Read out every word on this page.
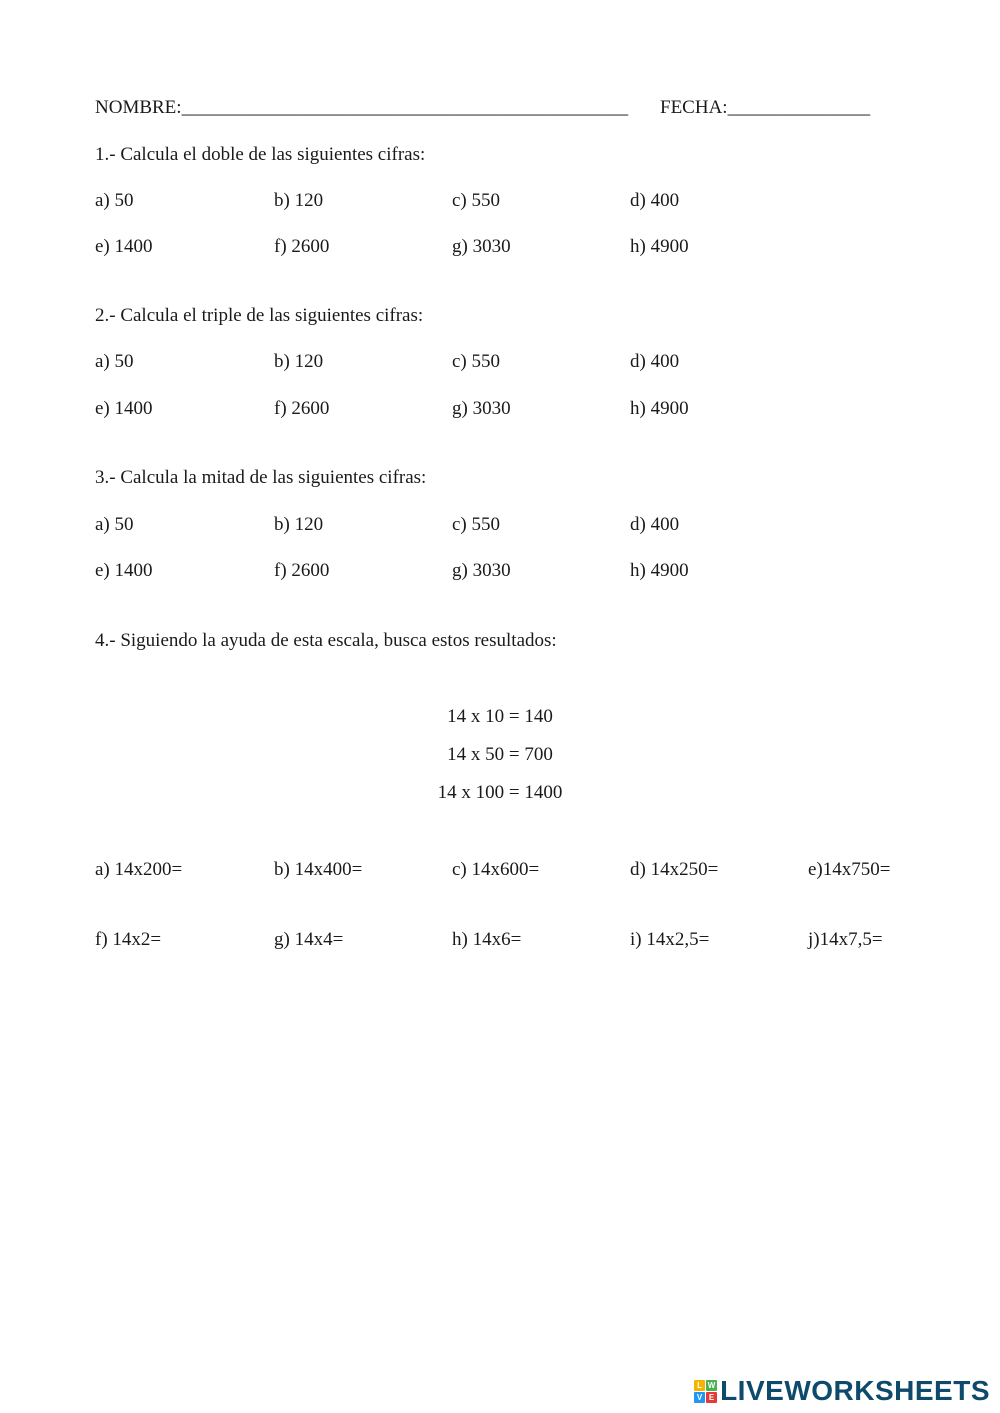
NOMBRE:_______________________________________________ FECHA:_______________
1.- Calcula el doble de las siguientes cifras:
a) 50	b) 120	c) 550	d) 400
e) 1400	f) 2600	g) 3030	h) 4900
2.- Calcula el triple de las siguientes cifras:
a) 50	b) 120	c) 550	d) 400
e) 1400	f) 2600	g) 3030	h) 4900
3.- Calcula la mitad de las siguientes cifras:
a) 50	b) 120	c) 550	d) 400
e) 1400	f) 2600	g) 3030	h) 4900
4.- Siguiendo la ayuda de esta escala, busca estos resultados:
14 x 10 = 140
14 x 50 = 700
14 x 100 = 1400
a) 14x200=	b) 14x400=	c) 14x600=	d) 14x250=	e)14x750=
f) 14x2=	g) 14x4=	h) 14x6=	i) 14x2,5=	j)14x7,5=
L W
V E LIVEWORKSHEETS
